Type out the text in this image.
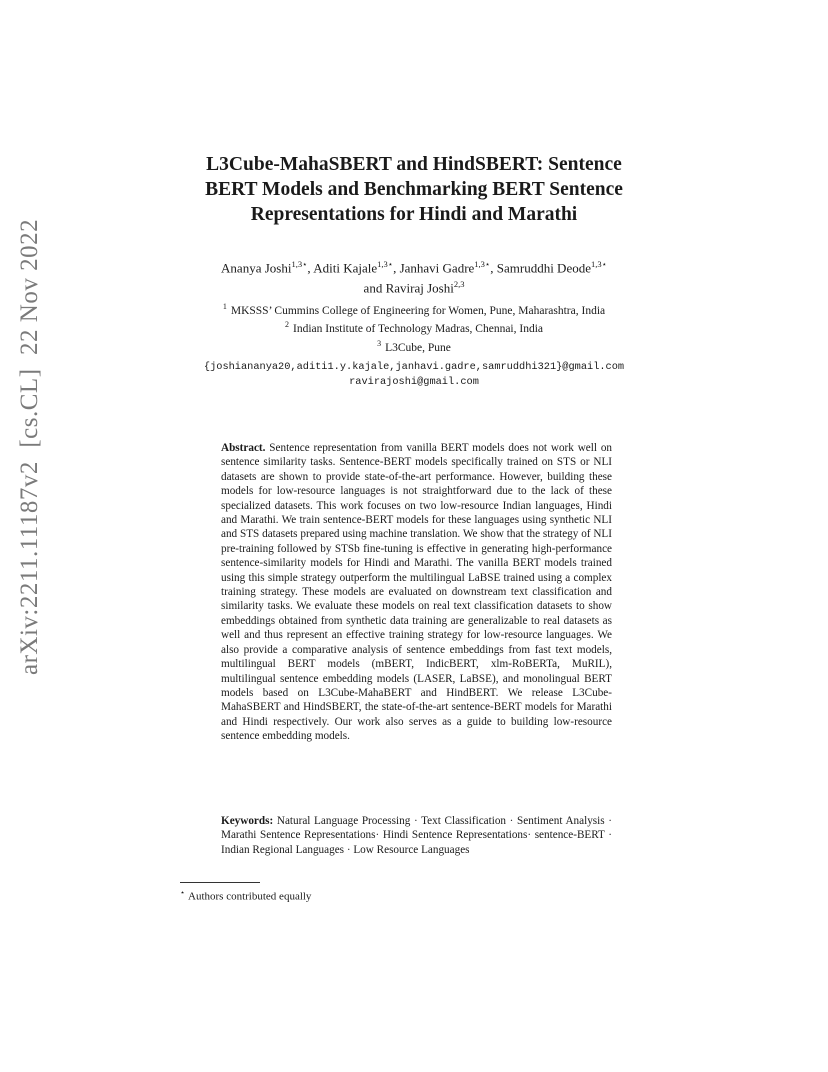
arXiv:2211.11187v2  [cs.CL]  22 Nov 2022
L3Cube-MahaSBERT and HindSBERT: Sentence
BERT Models and Benchmarking BERT Sentence
Representations for Hindi and Marathi
Ananya Joshi$^{1,3⋆}$, Aditi Kajale$^{1,3⋆}$, Janhavi Gadre$^{1,3⋆}$, Samruddhi Deode$^{1,3⋆}$
and Raviraj Joshi$^{2,3}$
$^1$ MKSSS’ Cummins College of Engineering for Women, Pune, Maharashtra, India
$^2$ Indian Institute of Technology Madras, Chennai, India
$^3$ L3Cube, Pune
{joshiananya20,aditi1.y.kajale,janhavi.gadre,samruddhi321}@gmail.com
ravirajoshi@gmail.com

Abstract. Sentence representation from vanilla BERT models does not work well on sentence similarity tasks. Sentence-BERT models specifically trained on STS or NLI datasets are shown to provide state-of-the-art performance. However, building these models for low-resource languages is not straightforward due to the lack of these specialized datasets. This work focuses on two low-resource Indian languages, Hindi and Marathi. We train sentence-BERT models for these languages using synthetic NLI and STS datasets prepared using machine translation. We show that the strategy of NLI pre-training followed by STSb fine-tuning is effective in generating high-performance sentence-similarity models for Hindi and Marathi. The vanilla BERT models trained using this simple strategy outperform the multilingual LaBSE trained using a complex training strategy. These models are evaluated on downstream text classification and similarity tasks. We evaluate these models on real text classification datasets to show embeddings obtained from synthetic data training are generalizable to real datasets as well and thus represent an effective training strategy for low-resource languages. We also provide a comparative analysis of sentence embeddings from fast text models, multilingual BERT models (mBERT, IndicBERT, xlm-RoBERTa, MuRIL), multilingual sentence embedding models (LASER, LaBSE), and monolingual BERT models based on L3Cube-MahaBERT and HindBERT. We release L3Cube-MahaSBERT and HindSBERT, the state-of-the-art sentence-BERT models for Marathi and Hindi respectively. Our work also serves as a guide to building low-resource sentence embedding models.

Keywords: Natural Language Processing · Text Classification · Sentiment Analysis · Marathi Sentence Representations· Hindi Sentence Representations· sentence-BERT · Indian Regional Languages · Low Resource Languages

⋆ Authors contributed equally
